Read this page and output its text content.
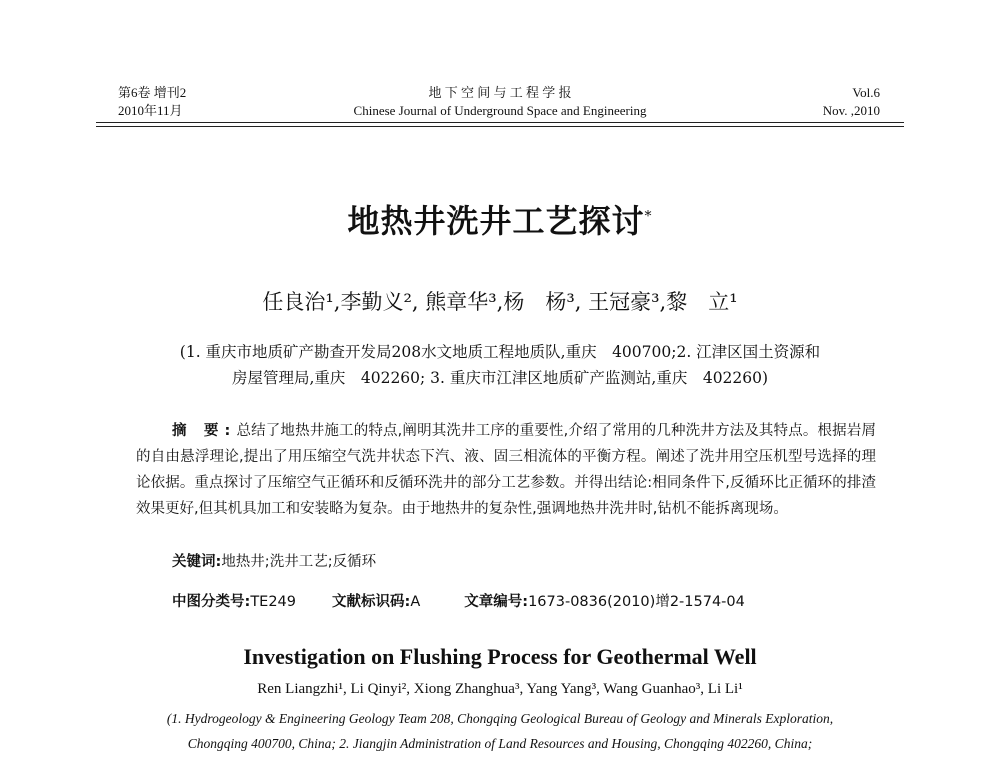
第6卷 增刊2
2010年11月
地 下 空 间 与 工 程 学 报
Chinese Journal of Underground Space and Engineering
Vol.6
Nov. ,2010
地热井洗井工艺探讨*
任良治¹,李勤义², 熊章华³,杨　杨³, 王冠豪³,黎　立¹
(1. 重庆市地质矿产勘查开发局208水文地质工程地质队,重庆　400700;2. 江津区国土资源和
房屋管理局,重庆　402260; 3. 重庆市江津区地质矿产监测站,重庆　402260)
摘 要:总结了地热井施工的特点,阐明其洗井工序的重要性,介绍了常用的几种洗井方法及其特点。根据岩屑的自由悬浮理论,提出了用压缩空气洗井状态下汽、液、固三相流体的平衡方程。阐述了洗井用空压机型号选择的理论依据。重点探讨了压缩空气正循环和反循环洗井的部分工艺参数。并得出结论:相同条件下,反循环比正循环的排渣效果更好,但其机具加工和安装略为复杂。由于地热井的复杂性,强调地热井洗井时,钻机不能拆离现场。
关键词:地热井;洗井工艺;反循环
中图分类号:TE249 文献标识码:A	文章编号:1673-0836(2010)增2-1574-04
Investigation on Flushing Process for Geothermal Well
Ren Liangzhi¹, Li Qinyi², Xiong Zhanghua³, Yang Yang³, Wang Guanhao³, Li Li¹
(1. Hydrogeology & Engineering Geology Team 208, Chongqing Geological Bureau of Geology and Minerals Exploration,
Chongqing 400700, China; 2. Jiangjin Administration of Land Resources and Housing, Chongqing 402260, China;
